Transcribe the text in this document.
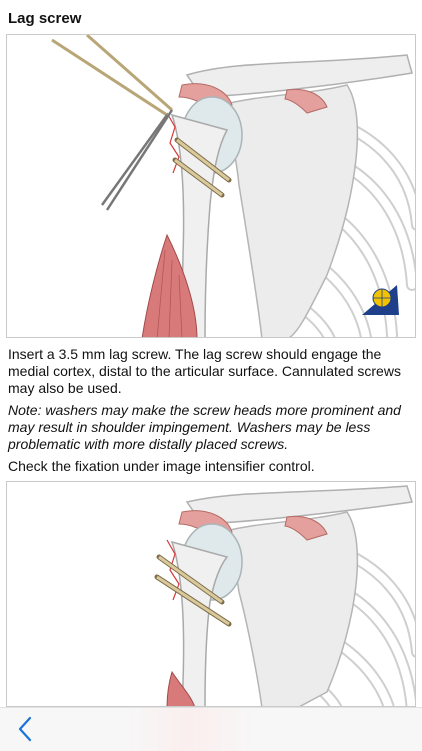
Lag screw

Insert a 3.5 mm lag screw. The lag screw should engage the medial cortex, distal to the articular surface. Cannulated screws may also be used.

Note: washers may make the screw heads more prominent and may result in shoulder impingement. Washers may be less problematic with more distally placed screws.

Check the fixation under image intensifier control.
